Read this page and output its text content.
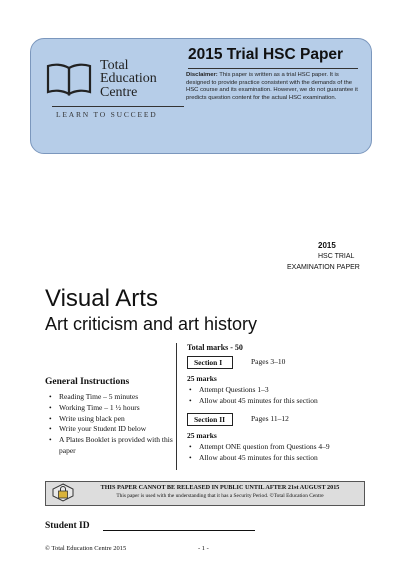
Total
Education
Centre
LEARN TO SUCCEED
2015 Trial HSC Paper
Disclaimer: This paper is written as a trial HSC paper. It is designed to provide practice consistent with the demands of the HSC course and its examination. However, we do not guarantee it predicts question content for the actual HSC examination.
2015
HSC TRIAL
EXAMINATION PAPER
Visual Arts
Art criticism and art history
General Instructions
• Reading Time – 5 minutes
• Working Time – 1 ½ hours
• Write using black pen
• Write your Student ID below
• A Plates Booklet is provided with this paper
Total marks - 50
Section I	Pages 3–10
25 marks
• Attempt Questions 1–3
• Allow about 45 minutes for this section
Section II	Pages 11–12
25 marks
• Attempt ONE question from Questions 4–9
• Allow about 45 minutes for this section
THIS PAPER CANNOT BE RELEASED IN PUBLIC UNTIL AFTER 21st AUGUST 2015
This paper is used with the understanding that it has a Security Period. ©Total Education Centre
Student ID
© Total Education Centre 2015	- 1 -
